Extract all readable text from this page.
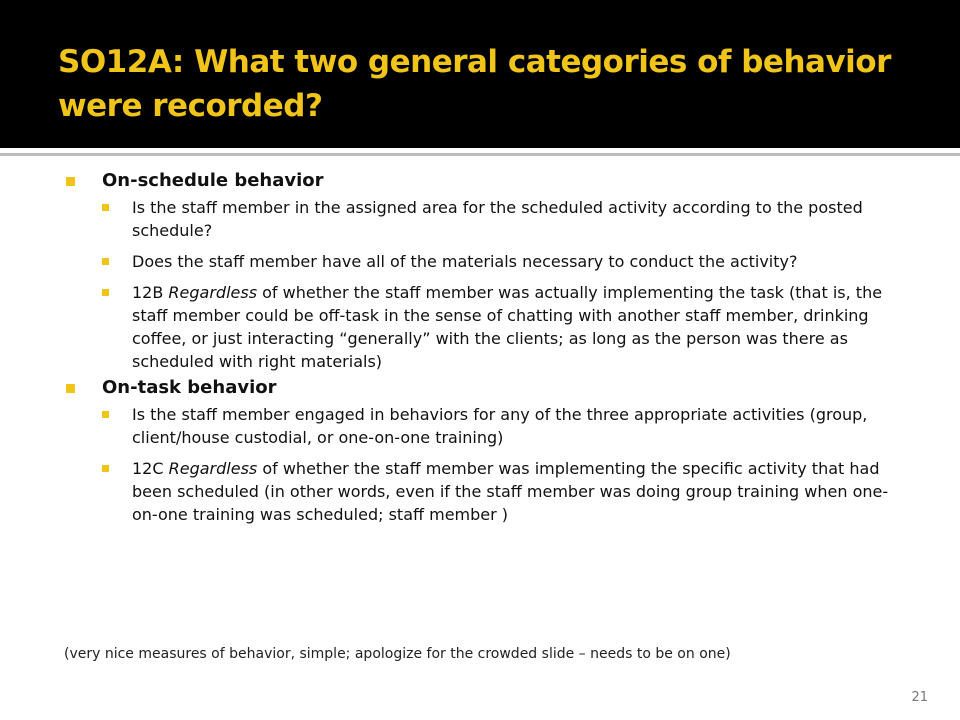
SO12A: What two general categories of behavior were recorded?
On-schedule behavior
Is the staff member in the assigned area for the scheduled activity according to the posted schedule?
Does the staff member have all of the materials necessary to conduct the activity?
12B Regardless of whether the staff member was actually implementing the task (that is, the staff member could be off-task in the sense of chatting with another staff member, drinking coffee, or just interacting “generally” with the clients; as long as the person was there as scheduled with right materials)
On-task behavior
Is the staff member engaged in behaviors for any of the three appropriate activities (group, client/house custodial, or one-on-one training)
12C Regardless of whether the staff member was implementing the specific activity that had been scheduled (in other words, even if the staff member was doing group training when one-on-one training was scheduled; staff member )
(very nice measures of behavior, simple; apologize for the crowded slide – needs to be on one)
21
